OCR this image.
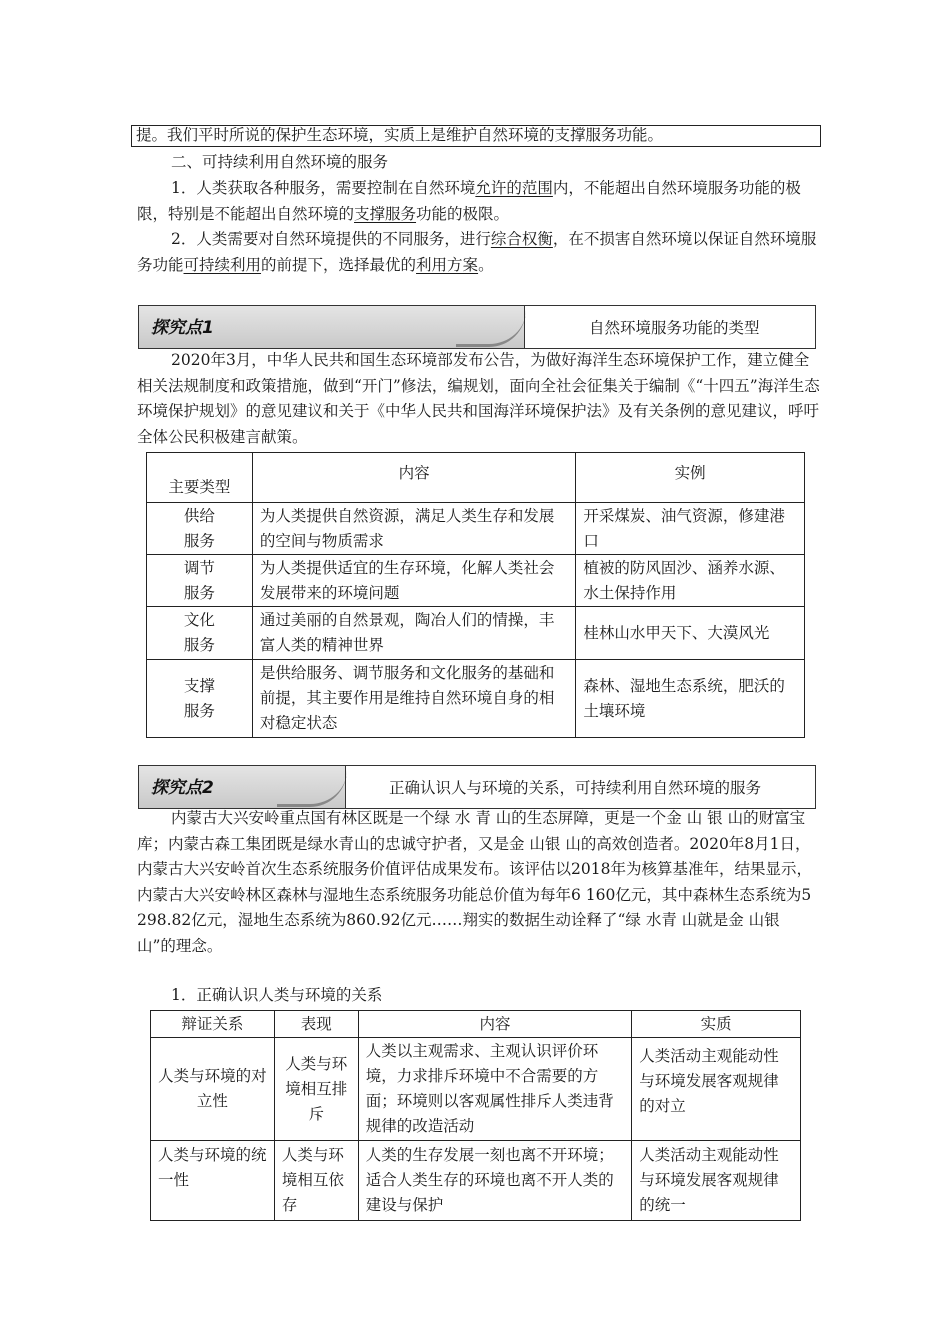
提。我们平时所说的保护生态环境，实质上是维护自然环境的支撑服务功能。
二、可持续利用自然环境的服务
1．人类获取各种服务，需要控制在自然环境允许的范围内，不能超出自然环境服务功能的极限，特别是不能超出自然环境的支撑服务功能的极限。
2．人类需要对自然环境提供的不同服务，进行综合权衡，在不损害自然环境以保证自然环境服务功能可持续利用的前提下，选择最优的利用方案。
探究点1	自然环境服务功能的类型
2020年3月，中华人民共和国生态环境部发布公告，为做好海洋生态环境保护工作，建立健全相关法规制度和政策措施，做到“开门”修法，编规划，面向全社会征集关于编制《“十四五”海洋生态环境保护规划》的意见建议和关于《中华人民共和国海洋环境保护法》及有关条例的意见建议，呼吁全体公民积极建言献策。
主要类型	内容	实例
供给
服务	为人类提供自然资源，满足人类生存和发展的空间与物质需求	开采煤炭、油气资源，修建港口
调节
服务	为人类提供适宜的生存环境，化解人类社会发展带来的环境问题	植被的防风固沙、涵养水源、水土保持作用
文化
服务	通过美丽的自然景观，陶冶人们的情操，丰富人类的精神世界	桂林山水甲天下、大漠风光
支撑
服务	是供给服务、调节服务和文化服务的基础和前提，其主要作用是维持自然环境自身的相对稳定状态	森林、湿地生态系统，肥沃的土壤环境
探究点2	正确认识人与环境的关系，可持续利用自然环境的服务
内蒙古大兴安岭重点国有林区既是一个绿 水 青 山的生态屏障，更是一个金 山 银 山的财富宝库；内蒙古森工集团既是绿水青山的忠诚守护者，又是金 山银 山的高效创造者。2020年8月1日，内蒙古大兴安岭首次生态系统服务价值评估成果发布。该评估以2018年为核算基准年，结果显示，内蒙古大兴安岭林区森林与湿地生态系统服务功能总价值为每年6 160亿元，其中森林生态系统为5 298.82亿元，湿地生态系统为860.92亿元……翔实的数据生动诠释了“绿 水青 山就是金 山银 山”的理念。
1．正确认识人类与环境的关系
辩证关系	表现	内容	实质
人类与环境的对立性	人类与环境相互排斥	人类以主观需求、主观认识评价环境，力求排斥环境中不合需要的方面；环境则以客观属性排斥人类违背规律的改造活动	人类活动主观能动性与环境发展客观规律的对立
人类与环境的统一性	人类与环境相互依存	人类的生存发展一刻也离不开环境；适合人类生存的环境也离不开人类的建设与保护	人类活动主观能动性与环境发展客观规律的统一
